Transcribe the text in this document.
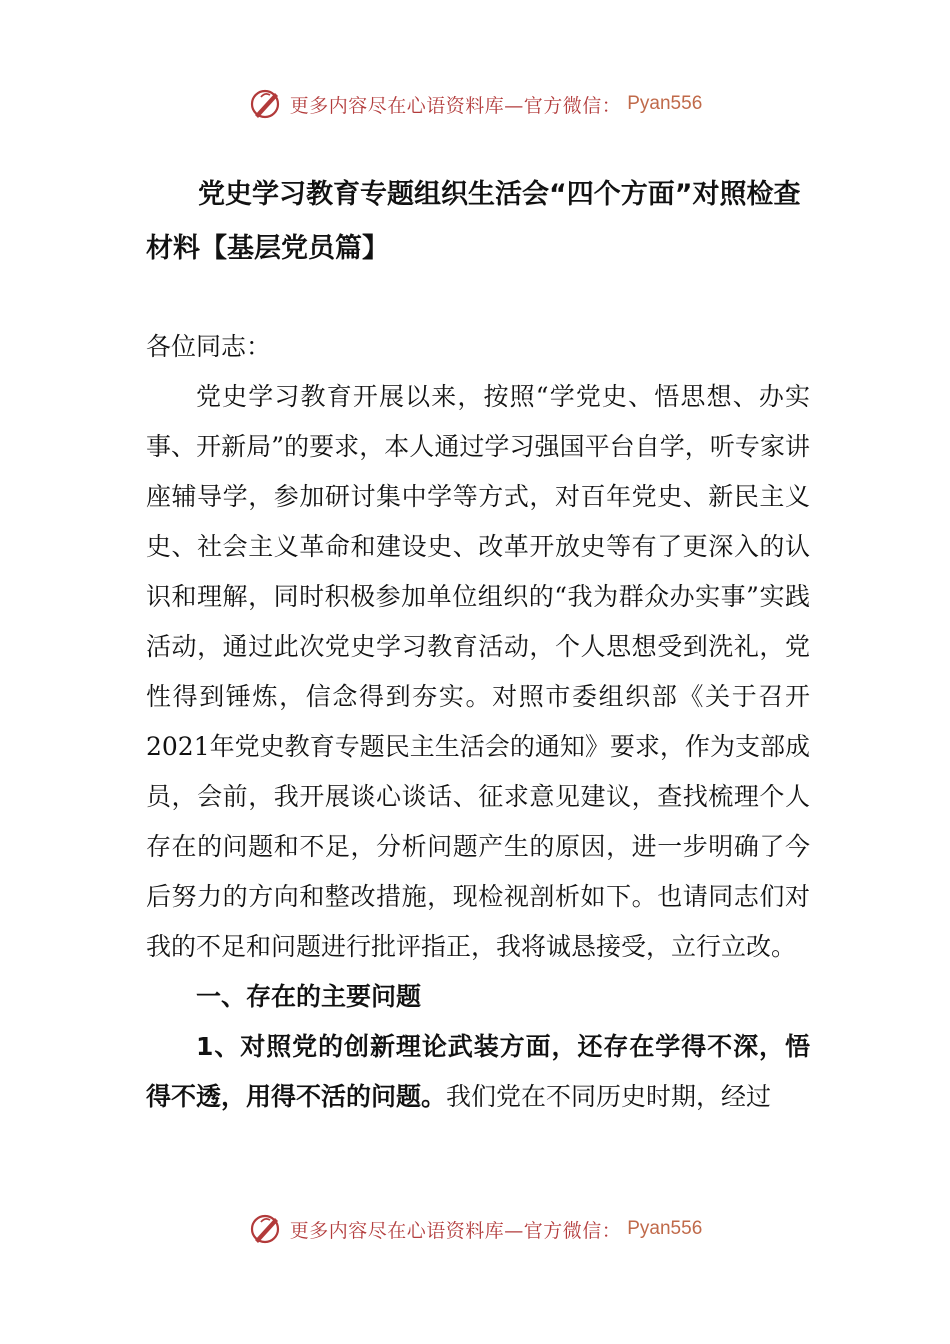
更多内容尽在心语资料库—官方微信： Pyan556
党史学习教育专题组织生活会“四个方面”对照检查
材料【基层党员篇】

各位同志：

党史学习教育开展以来，按照“学党史、悟思想、办实事、开新局”的要求，本人通过学习强国平台自学，听专家讲座辅导学，参加研讨集中学等方式，对百年党史、新民主义史、社会主义革命和建设史、改革开放史等有了更深入的认识和理解，同时积极参加单位组织的“我为群众办实事”实践活动，通过此次党史学习教育活动，个人思想受到洗礼，党性得到锤炼，信念得到夯实。对照市委组织部《关于召开2021年党史教育专题民主生活会的通知》要求，作为支部成员，会前，我开展谈心谈话、征求意见建议，查找梳理个人存在的问题和不足，分析问题产生的原因，进一步明确了今后努力的方向和整改措施，现检视剖析如下。也请同志们对我的不足和问题进行批评指正，我将诚恳接受，立行立改。

一、存在的主要问题

1、对照党的创新理论武装方面，还存在学得不深，悟得不透，用得不活的问题。我们党在不同历史时期，经过

更多内容尽在心语资料库—官方微信： Pyan556
